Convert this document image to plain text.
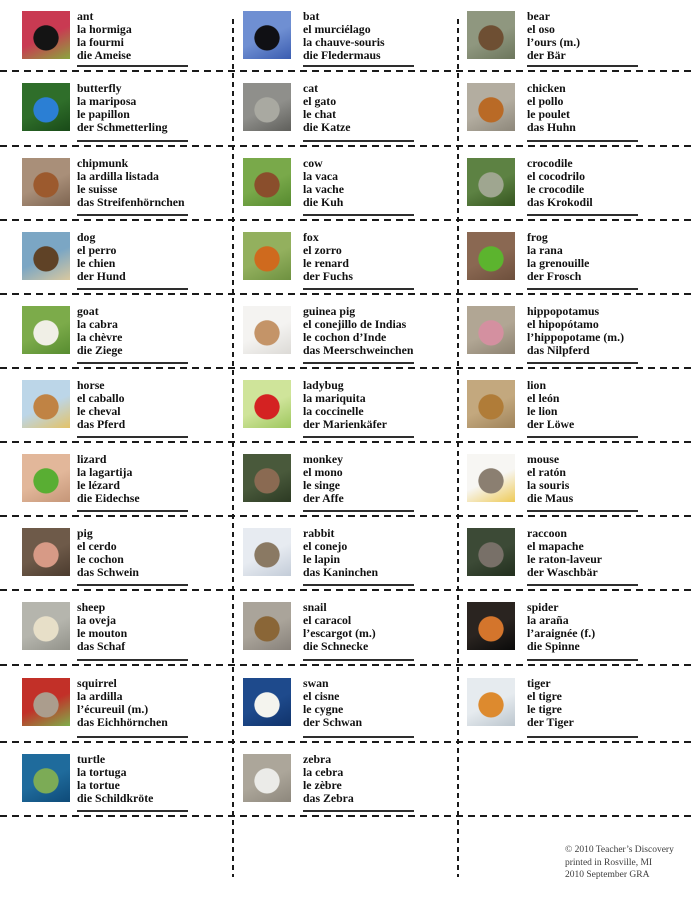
ant
la hormiga
la fourmi
die Ameise
bat
el murciélago
la chauve-souris
die Fledermaus
bear
el oso
l’ours (m.)
der Bär
butterfly
la mariposa
le papillon
der Schmetterling
cat
el gato
le chat
die Katze
chicken
el pollo
le poulet
das Huhn
chipmunk
la ardilla listada
le suisse
das Streifenhörnchen
cow
la vaca
la vache
die Kuh
crocodile
el cocodrilo
le crocodile
das Krokodil
dog
el perro
le chien
der Hund
fox
el zorro
le renard
der Fuchs
frog
la rana
la grenouille
der Frosch
goat
la cabra
la chèvre
die Ziege
guinea pig
el conejillo de Indias
le cochon d’Inde
das Meerschweinchen
hippopotamus
el hipopótamo
l’hippopotame (m.)
das Nilpferd
horse
el caballo
le cheval
das Pferd
ladybug
la mariquita
la coccinelle
der Marienkäfer
lion
el león
le lion
der Löwe
lizard
la lagartija
le lézard
die Eidechse
monkey
el mono
le singe
der Affe
mouse
el ratón
la souris
die Maus
pig
el cerdo
le cochon
das Schwein
rabbit
el conejo
le lapin
das Kaninchen
raccoon
el mapache
le raton-laveur
der Waschbär
sheep
la oveja
le mouton
das Schaf
snail
el caracol
l’escargot (m.)
die Schnecke
spider
la araña
l’araignée (f.)
die Spinne
squirrel
la ardilla
l’écureuil (m.)
das Eichhörnchen
swan
el cisne
le cygne
der Schwan
tiger
el tigre
le tigre
der Tiger
turtle
la tortuga
la tortue
die Schildkröte
zebra
la cebra
le zèbre
das Zebra
© 2010 Teacher’s Discovery
printed in Rosville, MI
2010 September GRA
